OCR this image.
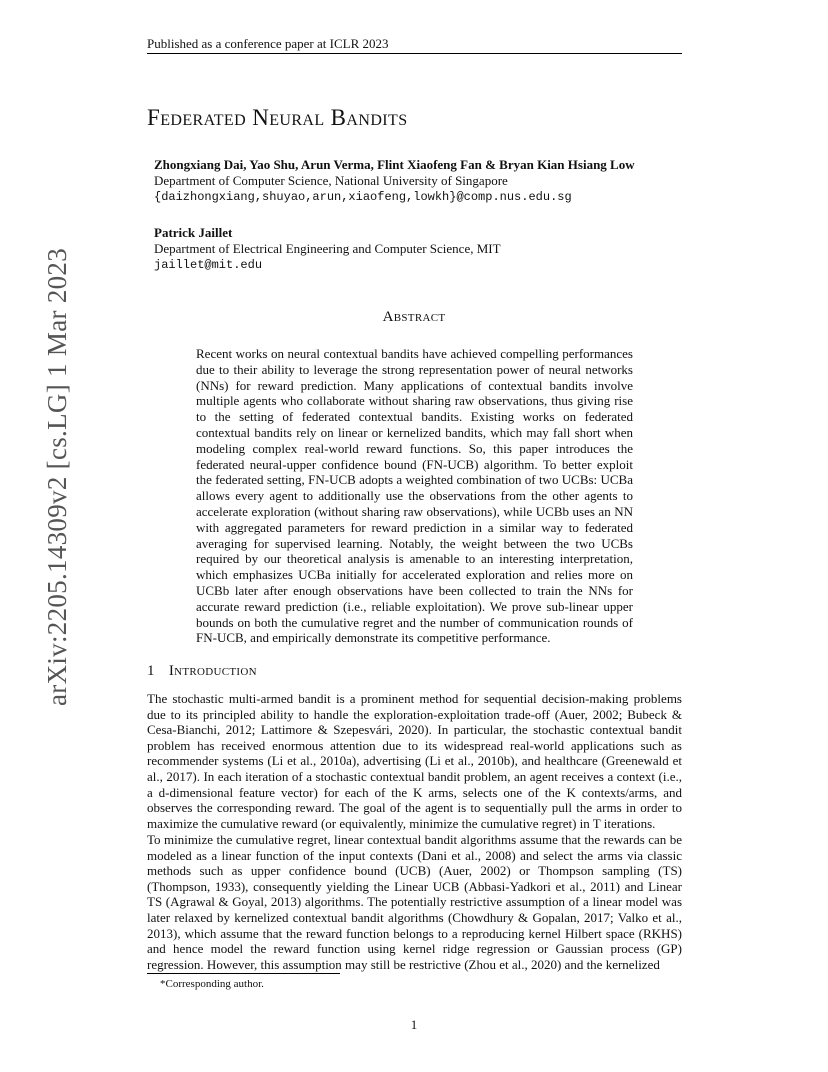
Published as a conference paper at ICLR 2023
arXiv:2205.14309v2 [cs.LG] 1 Mar 2023
Federated Neural Bandits
Zhongxiang Dai, Yao Shu, Arun Verma, Flint Xiaofeng Fan & Bryan Kian Hsiang Low
Department of Computer Science, National University of Singapore
{daizhongxiang,shuyao,arun,xiaofeng,lowkh}@comp.nus.edu.sg
Patrick Jaillet
Department of Electrical Engineering and Computer Science, MIT
jaillet@mit.edu
Abstract
Recent works on neural contextual bandits have achieved compelling performances due to their ability to leverage the strong representation power of neural networks (NNs) for reward prediction. Many applications of contextual bandits involve multiple agents who collaborate without sharing raw observations, thus giving rise to the setting of federated contextual bandits. Existing works on federated contextual bandits rely on linear or kernelized bandits, which may fall short when modeling complex real-world reward functions. So, this paper introduces the federated neural-upper confidence bound (FN-UCB) algorithm. To better exploit the federated setting, FN-UCB adopts a weighted combination of two UCBs: UCBa allows every agent to additionally use the observations from the other agents to accelerate exploration (without sharing raw observations), while UCBb uses an NN with aggregated parameters for reward prediction in a similar way to federated averaging for supervised learning. Notably, the weight between the two UCBs required by our theoretical analysis is amenable to an interesting interpretation, which emphasizes UCBa initially for accelerated exploration and relies more on UCBb later after enough observations have been collected to train the NNs for accurate reward prediction (i.e., reliable exploitation). We prove sub-linear upper bounds on both the cumulative regret and the number of communication rounds of FN-UCB, and empirically demonstrate its competitive performance.
1 Introduction
The stochastic multi-armed bandit is a prominent method for sequential decision-making problems due to its principled ability to handle the exploration-exploitation trade-off (Auer, 2002; Bubeck & Cesa-Bianchi, 2012; Lattimore & Szepesvári, 2020). In particular, the stochastic contextual bandit problem has received enormous attention due to its widespread real-world applications such as recommender systems (Li et al., 2010a), advertising (Li et al., 2010b), and healthcare (Greenewald et al., 2017). In each iteration of a stochastic contextual bandit problem, an agent receives a context (i.e., a d-dimensional feature vector) for each of the K arms, selects one of the K contexts/arms, and observes the corresponding reward. The goal of the agent is to sequentially pull the arms in order to maximize the cumulative reward (or equivalently, minimize the cumulative regret) in T iterations.
To minimize the cumulative regret, linear contextual bandit algorithms assume that the rewards can be modeled as a linear function of the input contexts (Dani et al., 2008) and select the arms via classic methods such as upper confidence bound (UCB) (Auer, 2002) or Thompson sampling (TS) (Thompson, 1933), consequently yielding the Linear UCB (Abbasi-Yadkori et al., 2011) and Linear TS (Agrawal & Goyal, 2013) algorithms. The potentially restrictive assumption of a linear model was later relaxed by kernelized contextual bandit algorithms (Chowdhury & Gopalan, 2017; Valko et al., 2013), which assume that the reward function belongs to a reproducing kernel Hilbert space (RKHS) and hence model the reward function using kernel ridge regression or Gaussian process (GP) regression. However, this assumption may still be restrictive (Zhou et al., 2020) and the kernelized
*Corresponding author.
1
